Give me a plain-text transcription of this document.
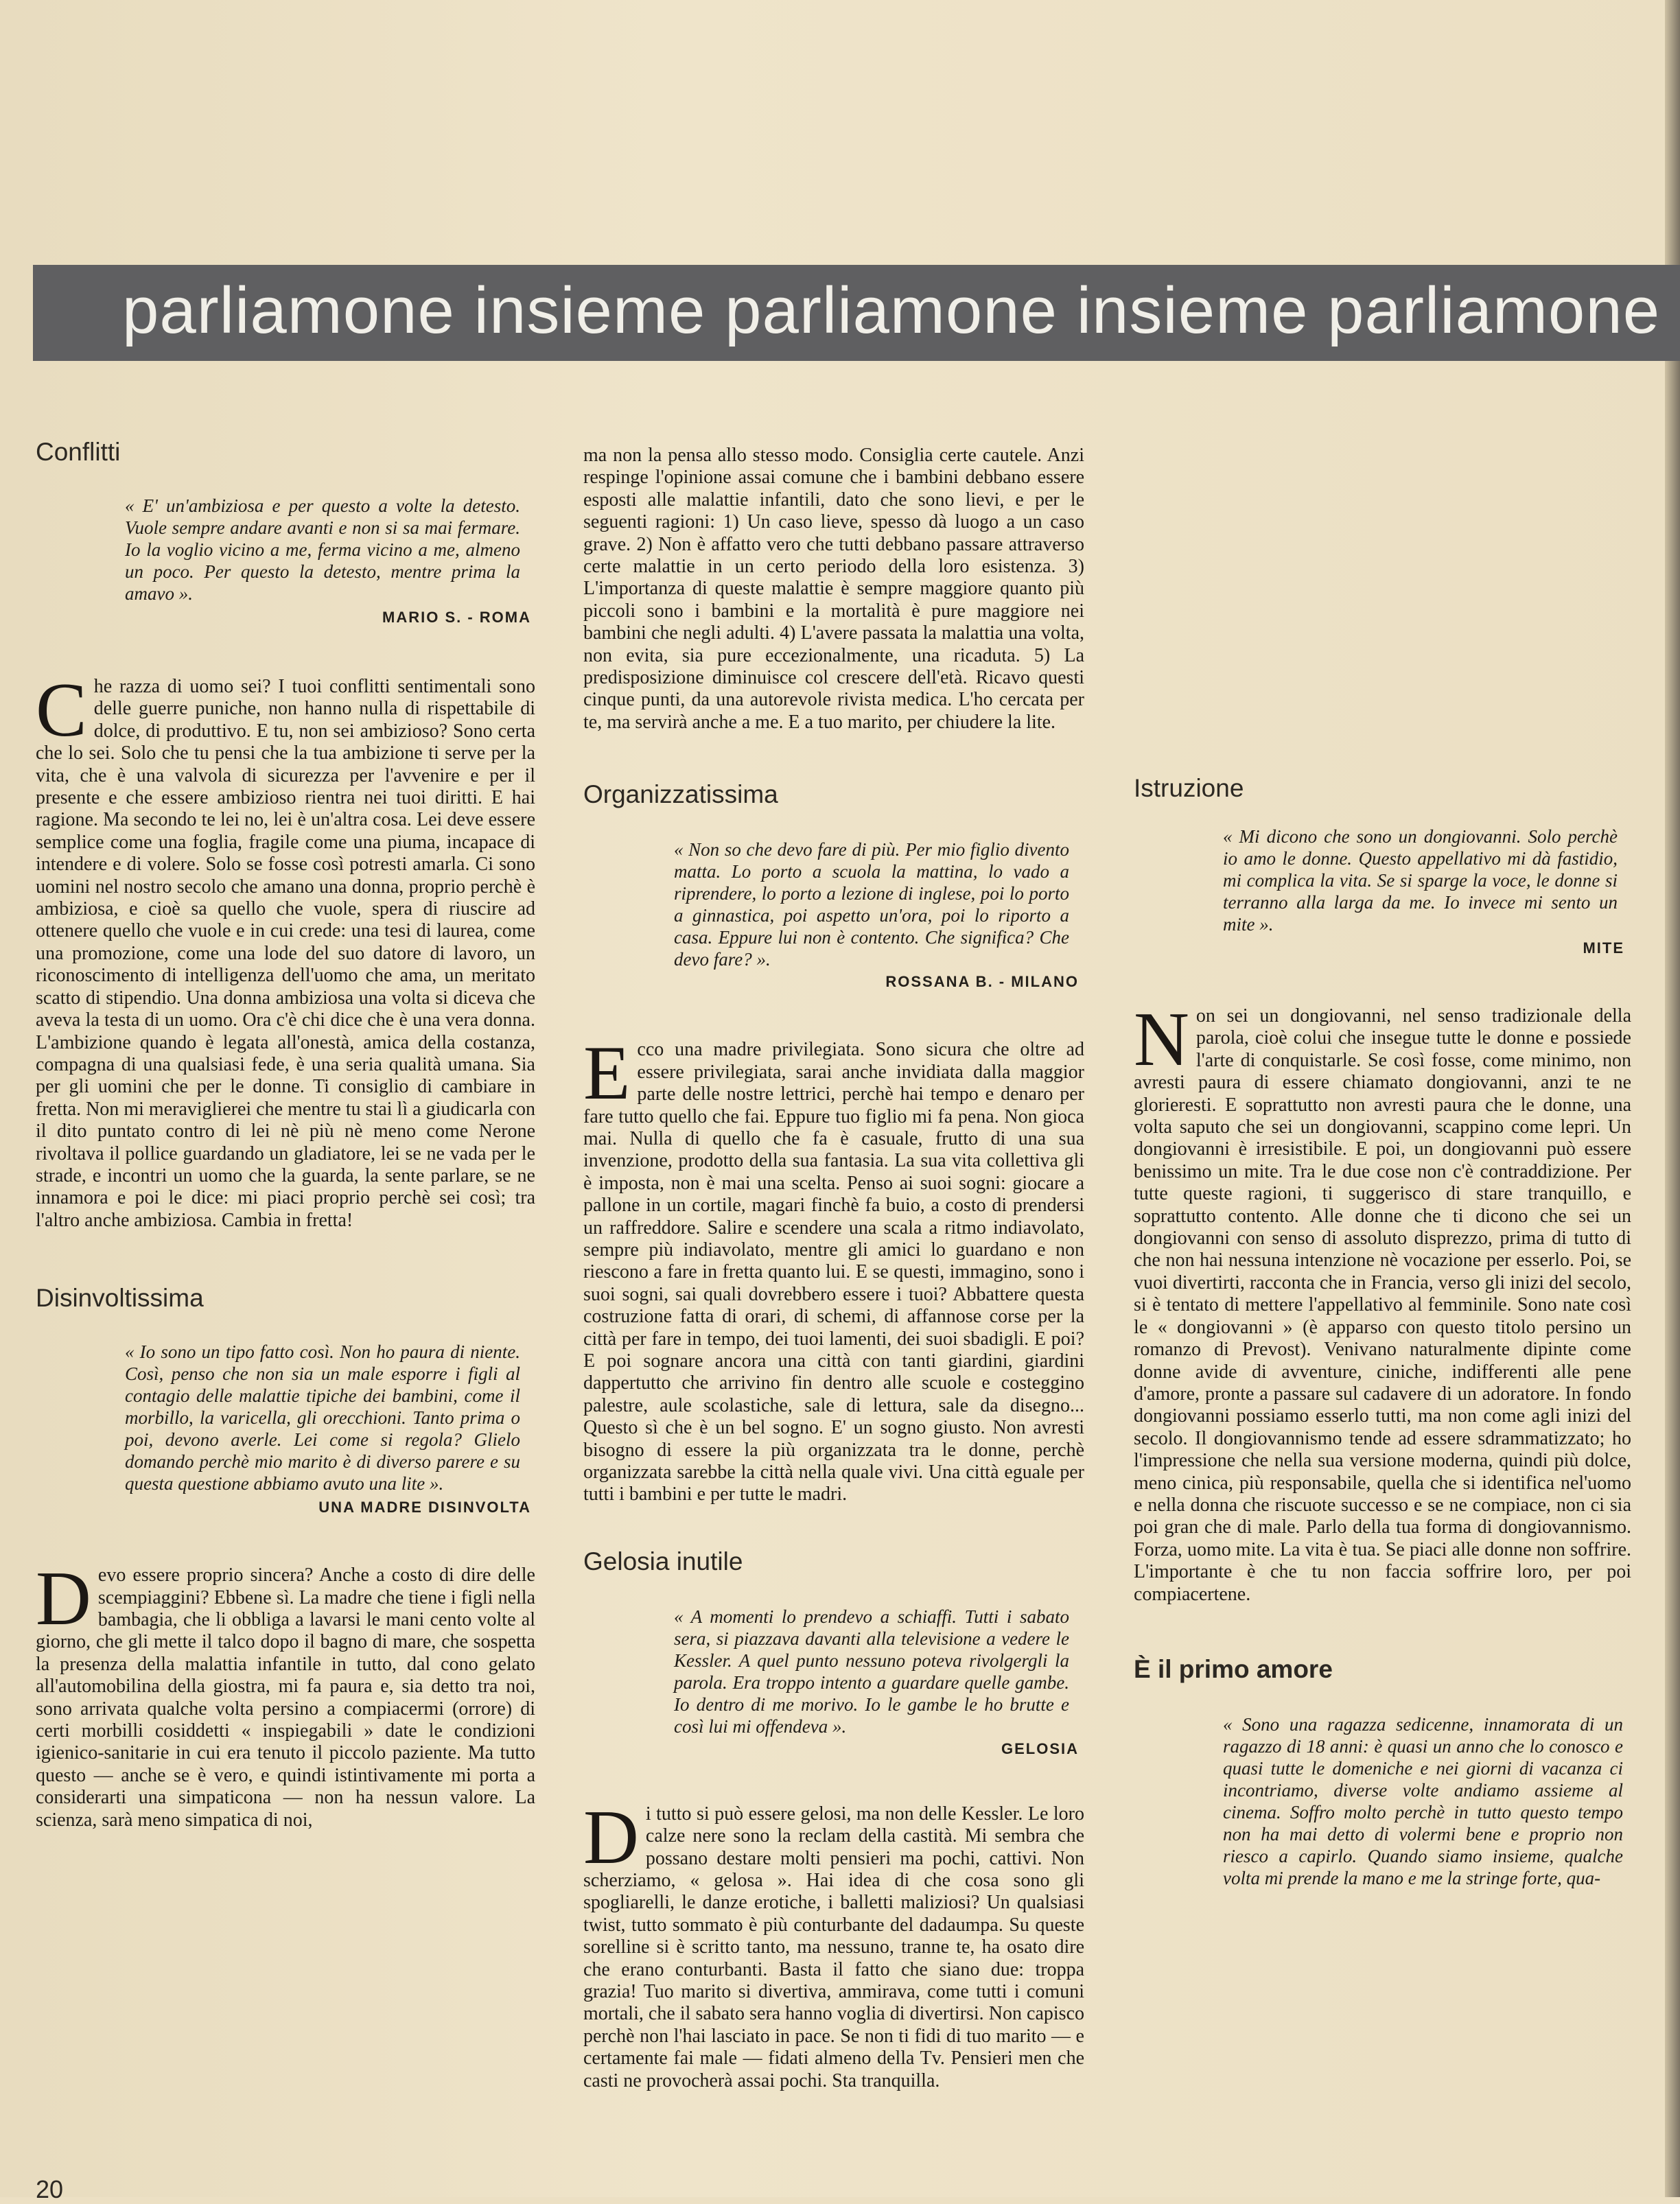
parliamone insieme parliamone insieme parliamone
Conflitti
« E' un'ambiziosa e per questo a volte la detesto. Vuole sempre andare avanti e non si sa mai fermare. Io la voglio vicino a me, ferma vicino a me, almeno un poco. Per questo la detesto, mentre prima la amavo ».
MARIO S. - ROMA
Che razza di uomo sei? I tuoi conflitti sentimentali sono delle guerre puniche, non hanno nulla di rispettabile di dolce, di produttivo. E tu, non sei ambizioso? Sono certa che lo sei. Solo che tu pensi che la tua ambizione ti serve per la vita, che è una valvola di sicurezza per l'avvenire e per il presente e che essere ambizioso rientra nei tuoi diritti. E hai ragione. Ma secondo te lei no, lei è un'altra cosa. Lei deve essere semplice come una foglia, fragile come una piuma, incapace di intendere e di volere. Solo se fosse così potresti amarla. Ci sono uomini nel nostro secolo che amano una donna, proprio perchè è ambiziosa, e cioè sa quello che vuole, spera di riuscire ad ottenere quello che vuole e in cui crede: una tesi di laurea, come una promozione, come una lode del suo datore di lavoro, un riconoscimento di intelligenza dell'uomo che ama, un meritato scatto di stipendio. Una donna ambiziosa una volta si diceva che aveva la testa di un uomo. Ora c'è chi dice che è una vera donna. L'ambizione quando è legata all'onestà, amica della costanza, compagna di una qualsiasi fede, è una seria qualità umana. Sia per gli uomini che per le donne. Ti consiglio di cambiare in fretta. Non mi meraviglierei che mentre tu stai lì a giudicarla con il dito puntato contro di lei nè più nè meno come Nerone rivoltava il pollice guardando un gladiatore, lei se ne vada per le strade, e incontri un uomo che la guarda, la sente parlare, se ne innamora e poi le dice: mi piaci proprio perchè sei così; tra l'altro anche ambiziosa. Cambia in fretta!
Disinvoltissima
« Io sono un tipo fatto così. Non ho paura di niente. Così, penso che non sia un male esporre i figli al contagio delle malattie tipiche dei bambini, come il morbillo, la varicella, gli orecchioni. Tanto prima o poi, devono averle. Lei come si regola? Glielo domando perchè mio marito è di diverso parere e su questa questione abbiamo avuto una lite ».
UNA MADRE DISINVOLTA
Devo essere proprio sincera? Anche a costo di dire delle scempiaggini? Ebbene sì. La madre che tiene i figli nella bambagia, che li obbliga a lavarsi le mani cento volte al giorno, che gli mette il talco dopo il bagno di mare, che sospetta la presenza della malattia infantile in tutto, dal cono gelato all'automobilina della giostra, mi fa paura e, sia detto tra noi, sono arrivata qualche volta persino a compiacermi (orrore) di certi morbilli cosiddetti « inspiegabili » date le condizioni igienico-sanitarie in cui era tenuto il piccolo paziente. Ma tutto questo — anche se è vero, e quindi istintivamente mi porta a considerarti una simpaticona — non ha nessun valore. La scienza, sarà meno simpatica di noi,
ma non la pensa allo stesso modo. Consiglia certe cautele. Anzi respinge l'opinione assai comune che i bambini debbano essere esposti alle malattie infantili, dato che sono lievi, e per le seguenti ragioni: 1) Un caso lieve, spesso dà luogo a un caso grave. 2) Non è affatto vero che tutti debbano passare attraverso certe malattie in un certo periodo della loro esistenza. 3) L'importanza di queste malattie è sempre maggiore quanto più piccoli sono i bambini e la mortalità è pure maggiore nei bambini che negli adulti. 4) L'avere passata la malattia una volta, non evita, sia pure eccezionalmente, una ricaduta. 5) La predisposizione diminuisce col crescere dell'età. Ricavo questi cinque punti, da una autorevole rivista medica. L'ho cercata per te, ma servirà anche a me. E a tuo marito, per chiudere la lite.
Organizzatissima
« Non so che devo fare di più. Per mio figlio divento matta. Lo porto a scuola la mattina, lo vado a riprendere, lo porto a lezione di inglese, poi lo porto a ginnastica, poi aspetto un'ora, poi lo riporto a casa. Eppure lui non è contento. Che significa? Che devo fare? ».
ROSSANA B. - MILANO
Ecco una madre privilegiata. Sono sicura che oltre ad essere privilegiata, sarai anche invidiata dalla maggior parte delle nostre lettrici, perchè hai tempo e denaro per fare tutto quello che fai. Eppure tuo figlio mi fa pena. Non gioca mai. Nulla di quello che fa è casuale, frutto di una sua invenzione, prodotto della sua fantasia. La sua vita collettiva gli è imposta, non è mai una scelta. Penso ai suoi sogni: giocare a pallone in un cortile, magari finchè fa buio, a costo di prendersi un raffreddore. Salire e scendere una scala a ritmo indiavolato, sempre più indiavolato, mentre gli amici lo guardano e non riescono a fare in fretta quanto lui. E se questi, immagino, sono i suoi sogni, sai quali dovrebbero essere i tuoi? Abbattere questa costruzione fatta di orari, di schemi, di affannose corse per la città per fare in tempo, dei tuoi lamenti, dei suoi sbadigli. E poi? E poi sognare ancora una città con tanti giardini, giardini dappertutto che arrivino fin dentro alle scuole e costeggino palestre, aule scolastiche, sale di lettura, sale da disegno... Questo sì che è un bel sogno. E' un sogno giusto. Non avresti bisogno di essere la più organizzata tra le donne, perchè organizzata sarebbe la città nella quale vivi. Una città eguale per tutti i bambini e per tutte le madri.
Gelosia inutile
« A momenti lo prendevo a schiaffi. Tutti i sabato sera, si piazzava davanti alla televisione a vedere le Kessler. A quel punto nessuno poteva rivolgergli la parola. Era troppo intento a guardare quelle gambe. Io dentro di me morivo. Io le gambe le ho brutte e così lui mi offendeva ».
GELOSIA
Di tutto si può essere gelosi, ma non delle Kessler. Le loro calze nere sono la reclam della castità. Mi sembra che possano destare molti pensieri ma pochi, cattivi. Non scherziamo, « gelosa ». Hai idea di che cosa sono gli spogliarelli, le danze erotiche, i balletti maliziosi? Un qualsiasi twist, tutto sommato è più conturbante del dadaumpa. Su queste sorelline si è scritto tanto, ma nessuno, tranne te, ha osato dire che erano conturbanti. Basta il fatto che siano due: troppa grazia! Tuo marito si divertiva, ammirava, come tutti i comuni mortali, che il sabato sera hanno voglia di divertirsi. Non capisco perchè non l'hai lasciato in pace. Se non ti fidi di tuo marito — e certamente fai male — fidati almeno della Tv. Pensieri men che casti ne provocherà assai pochi. Sta tranquilla.
Istruzione
« Mi dicono che sono un dongiovanni. Solo perchè io amo le donne. Questo appellativo mi dà fastidio, mi complica la vita. Se si sparge la voce, le donne si terranno alla larga da me. Io invece mi sento un mite ».
MITE
Non sei un dongiovanni, nel senso tradizionale della parola, cioè colui che insegue tutte le donne e possiede l'arte di conquistarle. Se così fosse, come minimo, non avresti paura di essere chiamato dongiovanni, anzi te ne glorieresti. E soprattutto non avresti paura che le donne, una volta saputo che sei un dongiovanni, scappino come lepri. Un dongiovanni è irresistibile. E poi, un dongiovanni può essere benissimo un mite. Tra le due cose non c'è contraddizione. Per tutte queste ragioni, ti suggerisco di stare tranquillo, e soprattutto contento. Alle donne che ti dicono che sei un dongiovanni con senso di assoluto disprezzo, prima di tutto di che non hai nessuna intenzione nè vocazione per esserlo. Poi, se vuoi divertirti, racconta che in Francia, verso gli inizi del secolo, si è tentato di mettere l'appellativo al femminile. Sono nate così le « dongiovanni » (è apparso con questo titolo persino un romanzo di Prevost). Venivano naturalmente dipinte come donne avide di avventure, ciniche, indifferenti alle pene d'amore, pronte a passare sul cadavere di un adoratore. In fondo dongiovanni possiamo esserlo tutti, ma non come agli inizi del secolo. Il dongiovannismo tende ad essere sdrammatizzato; ho l'impressione che nella sua versione moderna, quindi più dolce, meno cinica, più responsabile, quella che si identifica nel'uomo e nella donna che riscuote successo e se ne compiace, non ci sia poi gran che di male. Parlo della tua forma di dongiovannismo. Forza, uomo mite. La vita è tua. Se piaci alle donne non soffrire. L'importante è che tu non faccia soffrire loro, per poi compiacertene.
È il primo amore
« Sono una ragazza sedicenne, innamorata di un ragazzo di 18 anni: è quasi un anno che lo conosco e quasi tutte le domeniche e nei giorni di vacanza ci incontriamo, diverse volte andiamo assieme al cinema. Soffro molto perchè in tutto questo tempo non ha mai detto di volermi bene e proprio non riesco a capirlo. Quando siamo insieme, qualche volta mi prende la mano e me la stringe forte, qua-
20
